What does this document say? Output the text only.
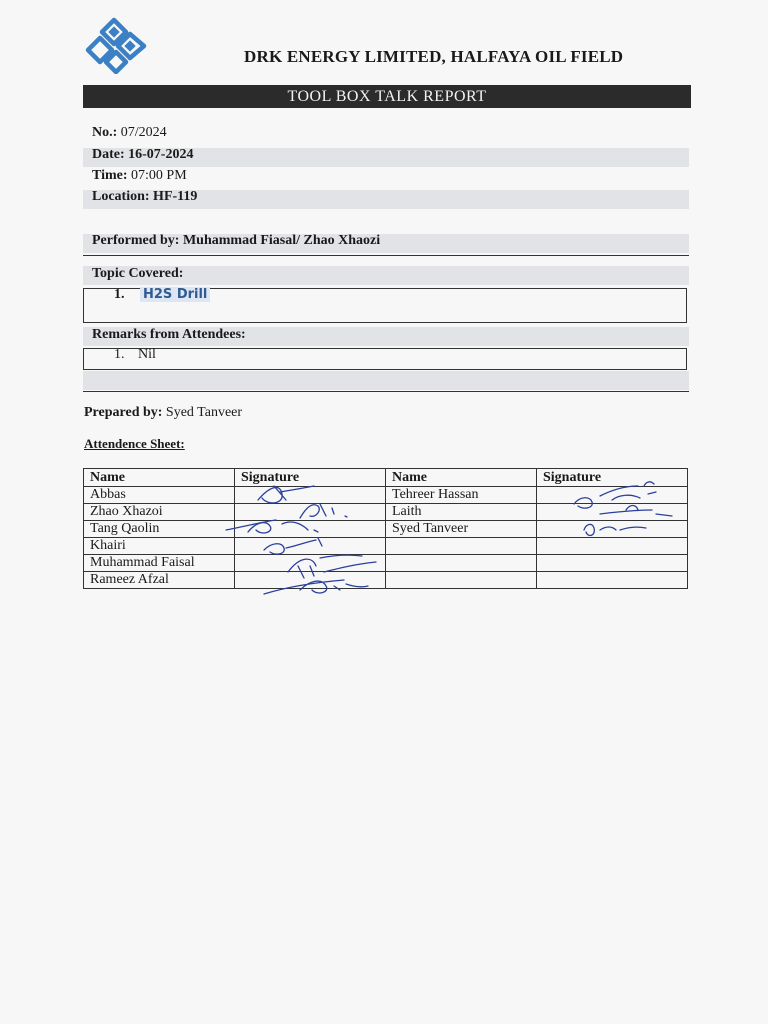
DRK ENERGY LIMITED, HALFAYA OIL FIELD
TOOL BOX TALK REPORT
No.: 07/2024
Date: 16-07-2024
Time: 07:00 PM
Location: HF-119
Performed by: Muhammad Fiasal/ Zhao Xhaozi
Topic Covered:
1. H2S Drill
Remarks from Attendees:
1. Nil
Prepared by: Syed Tanveer
Attendence Sheet:
Name	Signature	Name	Signature
Abbas		Tehreer Hassan	
Zhao Xhazoi		Laith	
Tang Qaolin		Syed Tanveer	
Khairi			
Muhammad Faisal			
Rameez Afzal			
